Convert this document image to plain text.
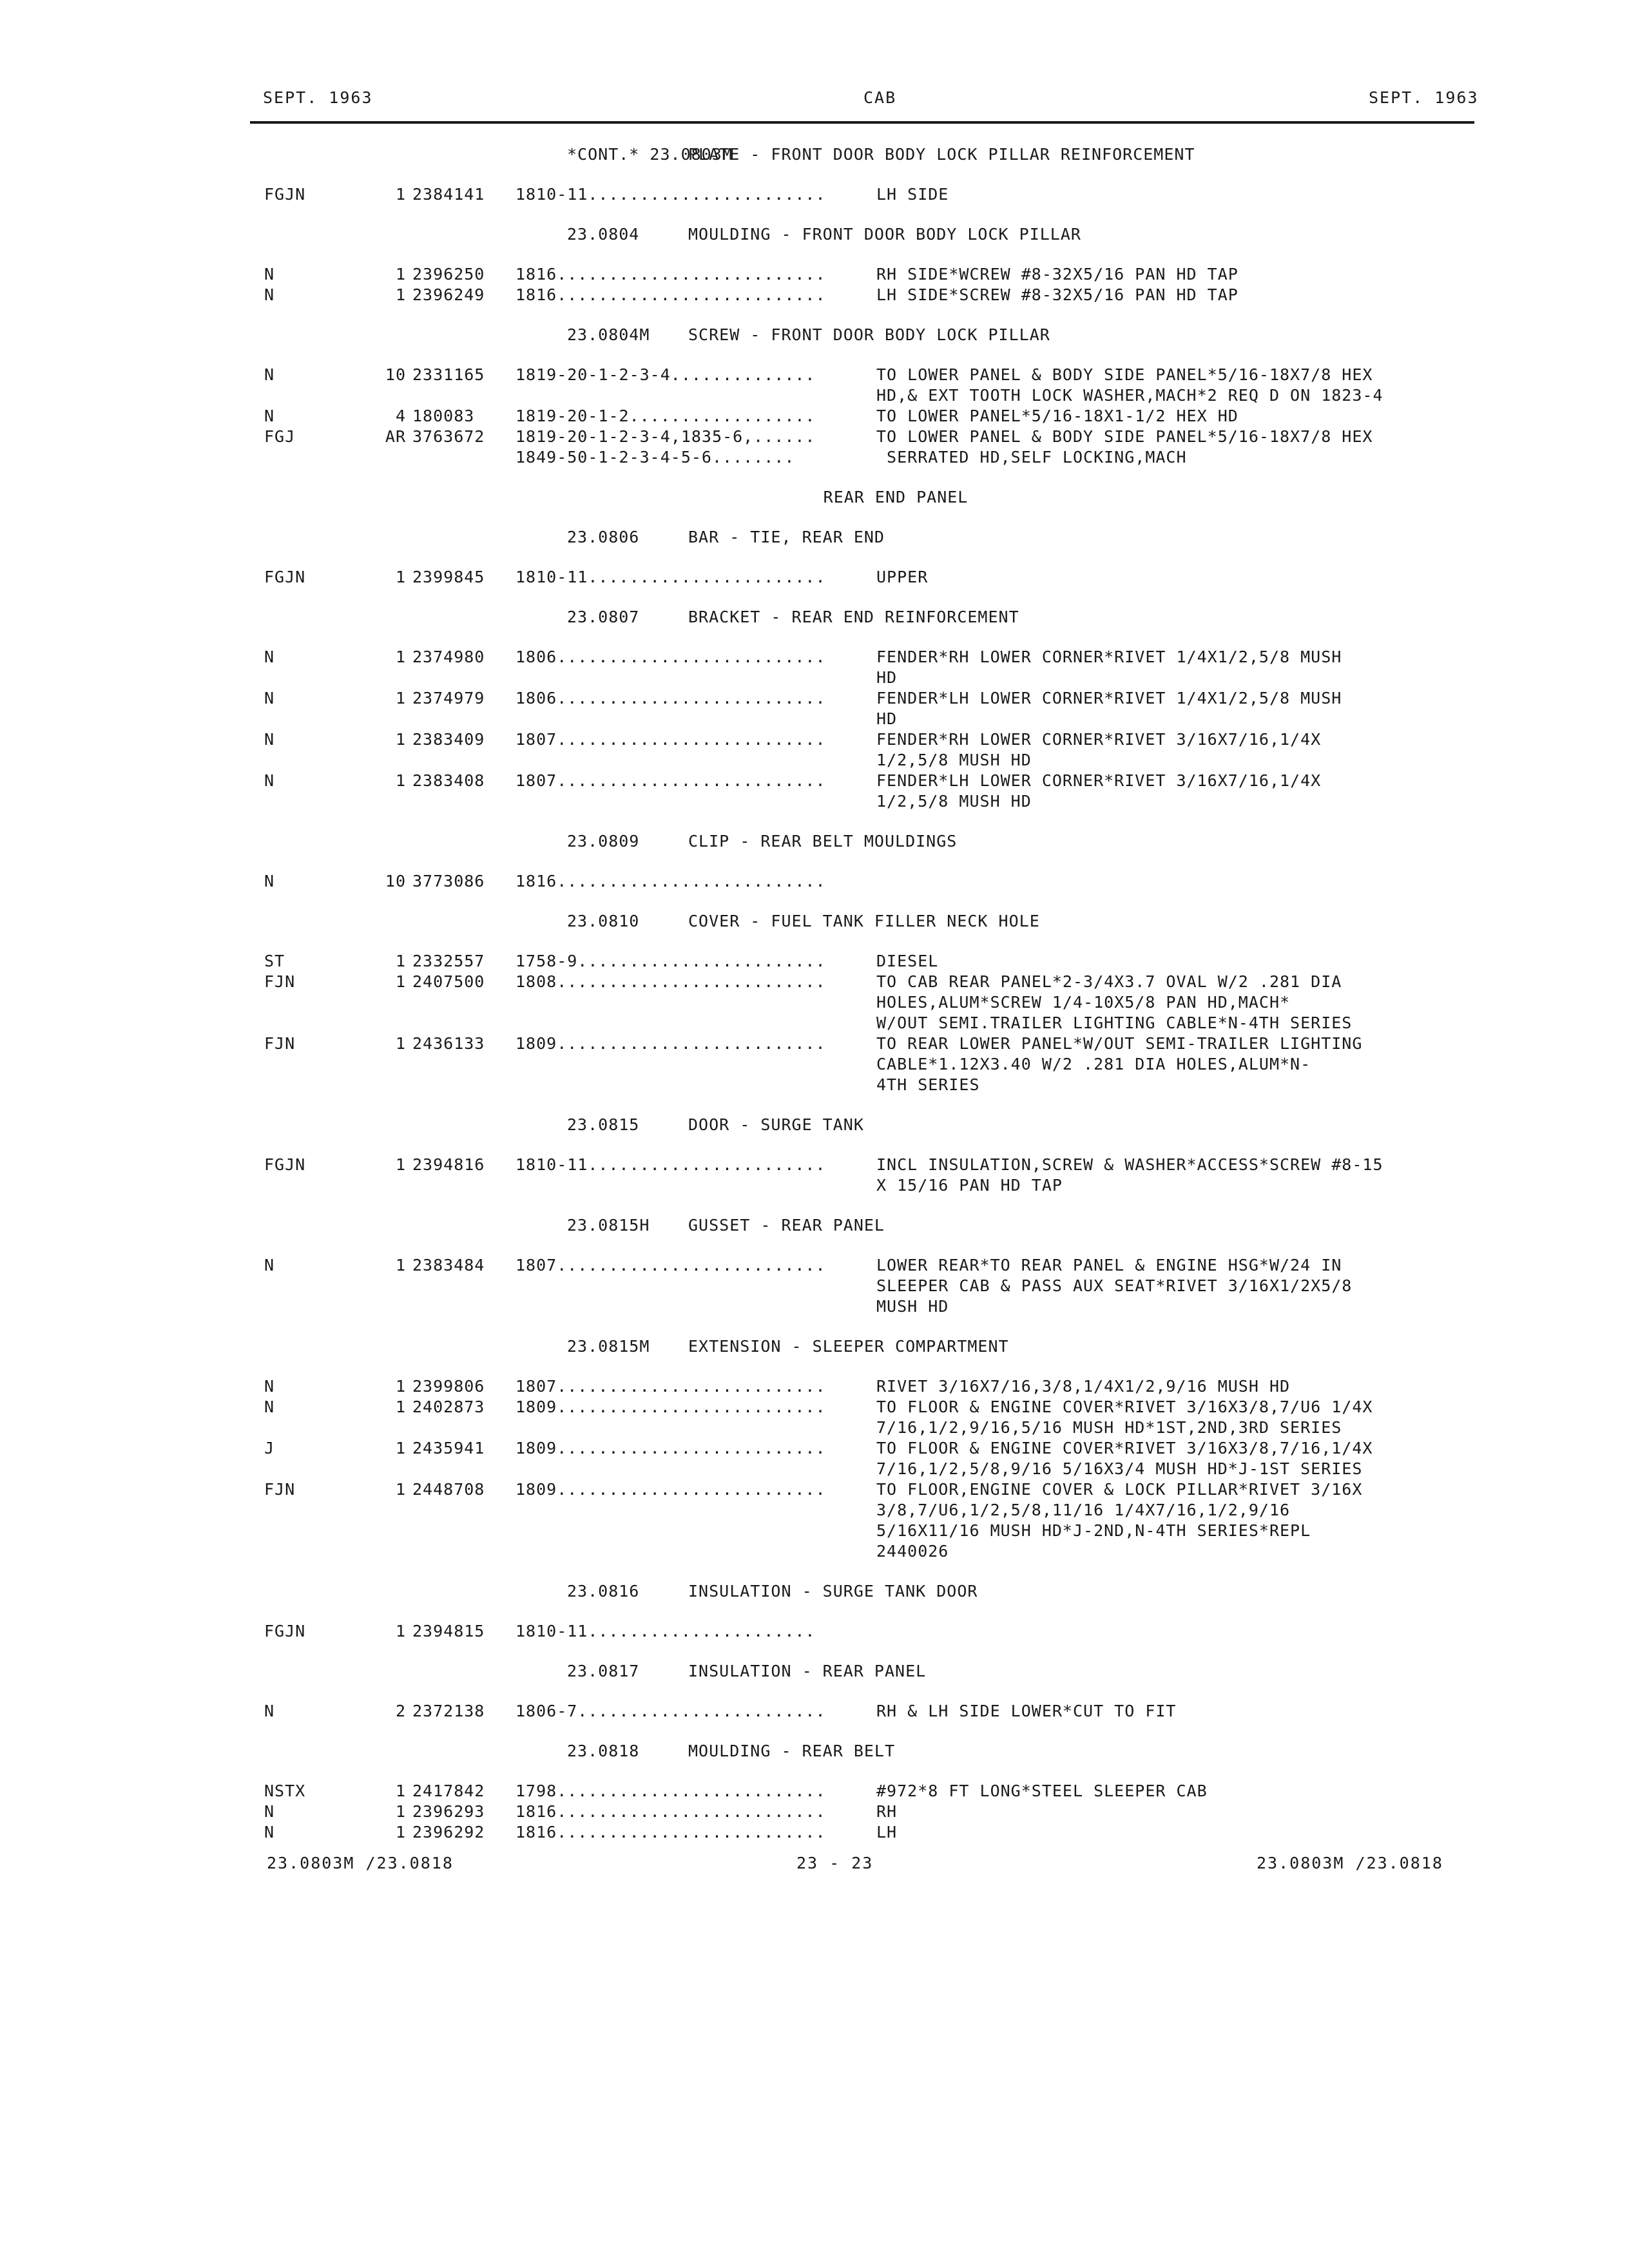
SEPT. 1963	CAB	SEPT. 1963
*CONT.* 23.0803M
PLATE - FRONT DOOR BODY LOCK PILLAR REINFORCEMENT
FGJN	1 2384141 1810-11.......................	LH SIDE
23.0804	MOULDING - FRONT DOOR BODY LOCK PILLAR
N	1 2396250 1816..........................	RH SIDE*WCREW #8-32X5/16 PAN HD TAP
N	1 2396249 1816..........................	LH SIDE*SCREW #8-32X5/16 PAN HD TAP
23.0804M SCREW - FRONT DOOR BODY LOCK PILLAR
N	10 2331165 1819-20-1-2-3-4..............	TO LOWER PANEL & BODY SIDE PANEL*5/16-18X7/8 HEX
HD,& EXT TOOTH LOCK WASHER,MACH*2 REQ D ON 1823-4
N	4 180083	1819-20-1-2..................	TO LOWER PANEL*5/16-18X1-1/2 HEX HD
FGJ	AR 3763672 1819-20-1-2-3-4,1835-6,......	TO LOWER PANEL & BODY SIDE PANEL*5/16-18X7/8 HEX
1849-50-1-2-3-4-5-6........	SERRATED HD,SELF LOCKING,MACH
REAR END PANEL
23.0806	BAR - TIE, REAR END
FGJN	1 2399845 1810-11.......................	UPPER
23.0807	BRACKET - REAR END REINFORCEMENT
N	1 2374980 1806..........................	FENDER*RH LOWER CORNER*RIVET 1/4X1/2,5/8 MUSH
HD
N	1 2374979 1806..........................	FENDER*LH LOWER CORNER*RIVET 1/4X1/2,5/8 MUSH
HD
N	1 2383409 1807..........................	FENDER*RH LOWER CORNER*RIVET 3/16X7/16,1/4X
1/2,5/8 MUSH HD
N	1 2383408 1807..........................	FENDER*LH LOWER CORNER*RIVET 3/16X7/16,1/4X
1/2,5/8 MUSH HD
23.0809	CLIP - REAR BELT MOULDINGS
N	10 3773086 1816..........................
23.0810	COVER - FUEL TANK FILLER NECK HOLE
ST	1 2332557 1758-9........................	DIESEL
FJN	1 2407500 1808..........................	TO CAB REAR PANEL*2-3/4X3.7 OVAL W/2 .281 DIA
HOLES,ALUM*SCREW 1/4-10X5/8 PAN HD,MACH*
W/OUT SEMI.TRAILER LIGHTING CABLE*N-4TH SERIES
FJN	1 2436133 1809..........................	TO REAR LOWER PANEL*W/OUT SEMI-TRAILER LIGHTING
CABLE*1.12X3.40 W/2 .281 DIA HOLES,ALUM*N-
4TH SERIES
23.0815	DOOR - SURGE TANK
FGJN	1 2394816 1810-11.......................	INCL INSULATION,SCREW & WASHER*ACCESS*SCREW #8-15
X 15/16 PAN HD TAP
23.0815H GUSSET - REAR PANEL
N	1 2383484 1807..........................	LOWER REAR*TO REAR PANEL & ENGINE HSG*W/24 IN
SLEEPER CAB & PASS AUX SEAT*RIVET 3/16X1/2X5/8
MUSH HD
23.0815M EXTENSION - SLEEPER COMPARTMENT
N	1 2399806 1807..........................	RIVET 3/16X7/16,3/8,1/4X1/2,9/16 MUSH HD
N	1 2402873 1809..........................	TO FLOOR & ENGINE COVER*RIVET 3/16X3/8,7/U6 1/4X
7/16,1/2,9/16,5/16 MUSH HD*1ST,2ND,3RD SERIES
J	1 2435941 1809..........................	TO FLOOR & ENGINE COVER*RIVET 3/16X3/8,7/16,1/4X
7/16,1/2,5/8,9/16 5/16X3/4 MUSH HD*J-1ST SERIES
FJN	1 2448708 1809..........................	TO FLOOR,ENGINE COVER & LOCK PILLAR*RIVET 3/16X
3/8,7/U6,1/2,5/8,11/16 1/4X7/16,1/2,9/16
5/16X11/16 MUSH HD*J-2ND,N-4TH SERIES*REPL
2440026
23.0816	INSULATION - SURGE TANK DOOR
FGJN	1 2394815 1810-11......................
23.0817	INSULATION - REAR PANEL
N	2 2372138 1806-7........................	RH & LH SIDE LOWER*CUT TO FIT
23.0818	MOULDING - REAR BELT
NSTX	1 2417842 1798..........................	#972*8 FT LONG*STEEL SLEEPER CAB
N	1 2396293 1816..........................	RH
N	1 2396292 1816..........................	LH
23.0803M /23.0818	23 - 23	23.0803M /23.0818
